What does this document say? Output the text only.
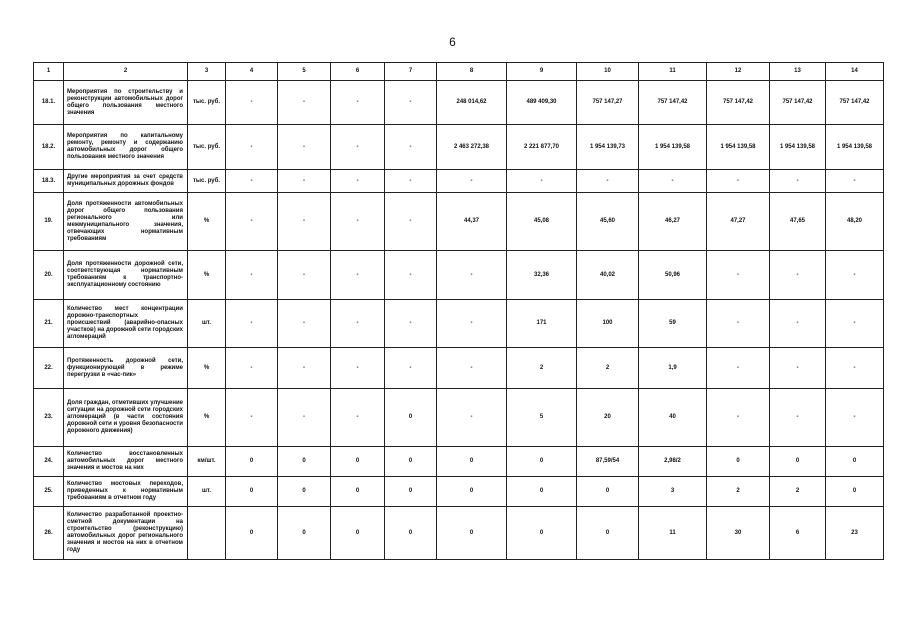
6
1	2	3	4	5	6	7	8	9	10	11	12	13	14
18.1.	Мероприятия по строительству и реконструкции автомобильных дорог общего пользования местного значения	тыс. руб.	-	-	-	-	248 014,62	489 409,30	757 147,27	757 147,42	757 147,42	757 147,42	757 147,42
18.2.	Мероприятия по капитальному ремонту, ремонту и содержанию автомобильных дорог общего пользования местного значения	тыс. руб.	-	-	-	-	2 463 272,38	2 221 877,70	1 954 139,73	1 954 139,58	1 954 139,58	1 954 139,58	1 954 139,58
18.3.	Другие мероприятия за счет средств муниципальных дорожных фондов	тыс. руб.	-	-	-	-	-	-	-	-	-	-	-
19.	Доля протяженности автомобильных дорог общего пользования регионального или межмуниципального значения, отвечающих нормативным требованиям	%	-	-	-	-	44,37	45,08	45,60	46,27	47,27	47,65	48,20
20.	Доля протяженности дорожной сети, соответствующая нормативным требованиям к транспортно-эксплуатационному состоянию	%	-	-	-	-	-	32,36	40,02	50,96	-	-	-
21.	Количество мест концентрации дорожно-транспортных происшествий (аварийно-опасных участков) на дорожной сети городских агломераций	шт.	-	-	-	-	-	171	100	59	-	-	-
22.	Протяженность дорожной сети, функционирующей в режиме перегрузки в «час-пик»	%	-	-	-	-	-	2	2	1,9	-	-	-
23.	Доля граждан, отметивших улучшение ситуации на дорожной сети городских агломераций (в части состояния дорожной сети и уровня безопасности дорожного движения)	%	-	-	-	0	-	5	20	40	-	-	-
24.	Количество восстановленных автомобильных дорог местного значения и мостов на них	км/шт.	0	0	0	0	0	0	87,59/54	2,98/2	0	0	0
25.	Количество мостовых переходов, приведенных к нормативным требованиям в отчетном году	шт.	0	0	0	0	0	0	0	3	2	2	0
26.	Количество разработанной проектно-сметной документации на строительство (реконструкцию) автомобильных дорог регионального значения и мостов на них в отчетном году		0	0	0	0	0	0	0	11	30	6	23
